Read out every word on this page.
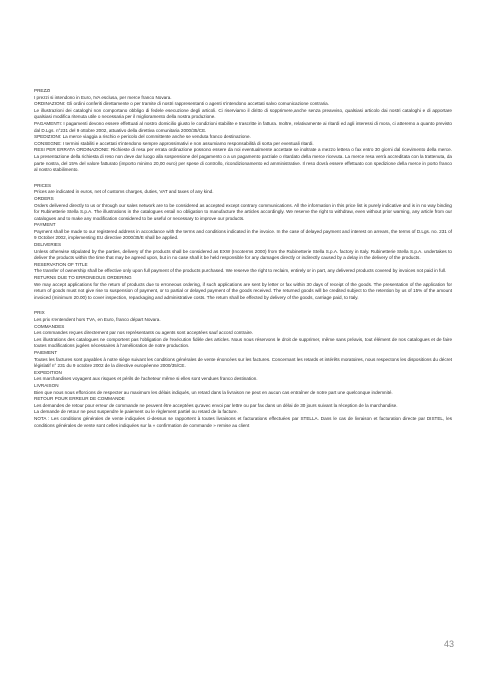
PREZZI

I prezzi si intendono in Euro, IVA esclusa, per merce franco Novara.

ORDINAZIONI: Gli ordini conferiti direttamente o per tramite di nostri rappresentanti o agenti s'intendono accettati salvo comunicazione contraria.

Le illustrazioni dei cataloghi non comportano obbligo di fedele esecuzione degli articoli. Ci riserviamo il diritto di sopprimere,anche senza preavviso, qualsiasi articolo dai nostri cataloghi e di apportare qualsiasi modifica ritenuta utile o necessaria per il miglioramento della nostra produzione.

PAGAMENTI: I pagamenti devono essere effettuati al nostro domicilio giusto le condizioni stabilite e trascritte in fattura. Inoltre, relativamente ai ritardi ed agli interessi di mora, ci atteremo a quanto previsto dal D.Lgs. n°231 del 9 ottobre 2002, attuativo della direttiva comunitaria 2000/35/CE.

SPEDIZIONI: La merce viaggia a rischio e pericolo del committente anche se venduta franco destinazione.

CONSEGNE: I termini stabiliti e accettati s'intendono sempre approssimativi e non assumiamo responsabilità di sorta per eventuali ritardi.

RESI PER ERRATA ORDINAZIONE: Richieste di resa per errata ordinazione possono essere da noi eventualmente accettate se inoltrate a mezzo lettera o fax entro 30 giorni dal ricevimento della merce. La presentazione della richiesta di reso non deve dar luogo alla sospensione del pagamento o a un pagamento parziale o ritardato della merce ricevuta. La merce resa verrà accreditata con la trattenuta, da parte nostra, del 15% del valore fatturato (importo minimo 20,00 euro) per spese di controllo, ricondizionamento ed amministrative. Il reso dovrà essere effettuato con spedizione della merce in porto franco al nostro stabilimento.

PRICES

Prices are indicated in euros, net of customs charges, duties, VAT and taxes of any kind.

ORDERS

Orders delivered directly to us or through our sales network are to be considered as accepted except contrary communications. All the information in this price list is purely indicative and is in no way binding for Rubinetterie Stella S.p.A. The illustrations in the catalogues entail no obligation to manufacture the articles accordingly. We reserve the right to withdraw, even without prior warning, any article from our catalogues and to make any modification considered to be useful or necessary to improve our products.

PAYMENT

Payment shall be made to our registered address in accordance with the terms and conditions indicated in the invoice. In the case of delayed payment and interest on arrears, the terms of D.Lgs. no. 231 of 9 October 2002, implementing EU directive 2000/35/E shall be applied.

DELIVERIES

Unless otherwise stipulated by the parties, delivery of the products shall be considered as EXW (Incoterms 2000) from the Rubinetterie Stella S.p.A. factory in Italy. Rubinetterie Stella S.p.A. undertakes to deliver the products within the time that may be agreed upon, but in no case shall it be held responsible for any damages directly or indirectly caused by a delay in the delivery of the products.

RESERVATION OF TITLE

The transfer of ownership shall be effective only upon full payment of the products purchased. We reserve the right to reclaim, entirely or in part, any delivered products covered by invoices not paid in full.

RETURNS DUE TO ERRONEOUS ORDERING

We may accept applications for the return of products due to erroneous ordering, if such applications are sent by letter or fax within 30 days of receipt of the goods. The presentation of the application for return of goods must not give rise to suspension of payment, or to partial or delayed payment of the goods received. The returned goods will be credited subject to the retention by us of 15% of the amount invoiced (minimum 20.00) to cover inspection, repackaging and administrative costs. The return shall be effected by delivery of the goods, carriage paid, to Italy.

PRIX

Les prix s'entendent hors TVA, en Euro, franco départ Novara.

COMMANDES

Les commandes reçues directement par nos représentants ou agents sont acceptées sauf accord contraire.

Les illustrations des catalogues ne comportent pas l'obligation de l'exécution fidèle des articles. Nous nous réservons le droit de supprimer, même sans préavis, tout élément de nos catalogues et de faire toutes modifications jugées nécessaires à l'amélioration de notre production.

PAIEMENT

Toutes les factures sont payables à notre siège suivant les conditions générales de vente énoncées sur les factures. Concernant les retards et intérêts moratoires, nous respectons les dispositions du décret législatif n° 231 du 9 octobre 2002 de la directive européenne 2000/35/CE.

EXPEDITION

Les marchandises voyagent aux risques et périls de l'acheteur même si elles sont vendues franco destination.

LIVRAISON

Bien que nous nous efforcions de respecter au maximum les délais indiqués, un retard dans la livraison ne peut en aucun cas entraîner de notre part une quelconque indemnité.

RETOUR POUR ERREUR DE COMMANDE

Les demandes de retour pour erreur de commande ne peuvent être acceptées qu'avec envoi par lettre ou par fax dans un délai de 30 jours suivant la réception de la marchandise.

La demande de retour ne peut suspendre le paiement ou le règlement partiel ou retard de la facture.

NOTA : Les conditions générales de vente indiquées ci-dessus se rapportent à toutes livraisons et facturations effectuées par STELLA. Dans le cas de livraison et facturation directe par DISTEL, les conditions générales de vente sont celles indiquées sur la « confirmation de commande » remise au client

43
